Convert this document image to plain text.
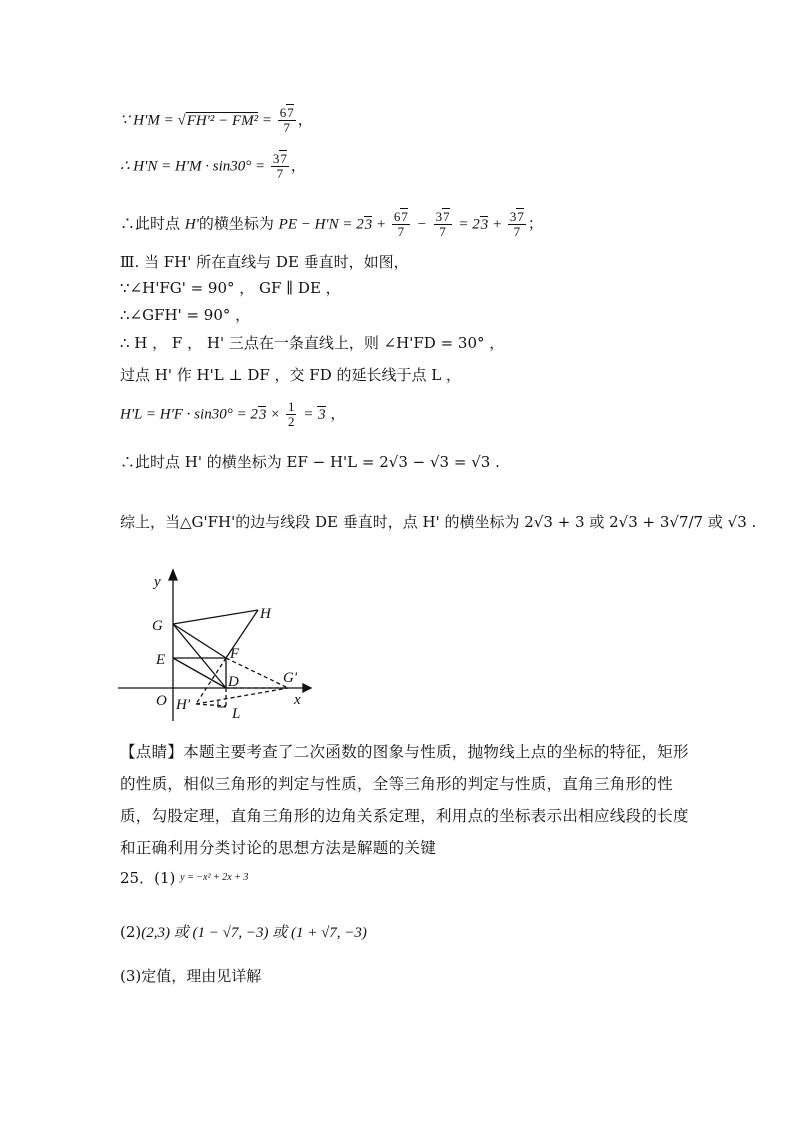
∵ $H'M = √FH'^2 - FM^2 = \frac{67}{7}$ ，
∴ $H'N = H'M \cdot \sin 30^\circ = \frac{37}{7}$ ，
∴此时点 H'的横坐标为 PE − $H'N = 23 + \frac{67}{7} - \frac{37}{7} = 23 + \frac{37}{7}$ ；
Ⅲ. 当 FH' 所在直线与 DE 垂直时，如图，
∵∠H'FG' = 90° ， GF ∥ DE ，
∴∠GFH' = 90° ，
∴ H ， F ， H' 三点在一条直线上，则 ∠H'FD = 30° ，
过点 H' 作 H'L ⊥ DF ，交 FD 的延长线于点 L ，
$H'L = H'F \cdot \sin 30^\circ = 23 \times \frac{1}{2} = 3$ ，
∴此时点 H' 的横坐标为 EF − H'L = 2√3 − √3 = √3 .
综上，当△G'FH'的边与线段 DE 垂直时，点 H' 的横坐标为 2√3 + 3 或 2√3 + 3√7/7 或 √3 .
y
G
H
E	F
G′
D
O H′
L
x
【点睛】本题主要考查了二次函数的图象与性质，抛物线上点的坐标的特征，矩形的性质，相似三角形的判定与性质，全等三角形的判定与性质，直角三角形的性质，勾股定理，直角三角形的边角关系定理，利用点的坐标表示出相应线段的长度和正确利用分类讨论的思想方法是解题的关键
25．(1) $^{y = -x^2 + 2x + 3}$
(2)(2,3) 或 (1 − √7, −3) 或 (1 + √7, −3)
(3)定值，理由见详解
